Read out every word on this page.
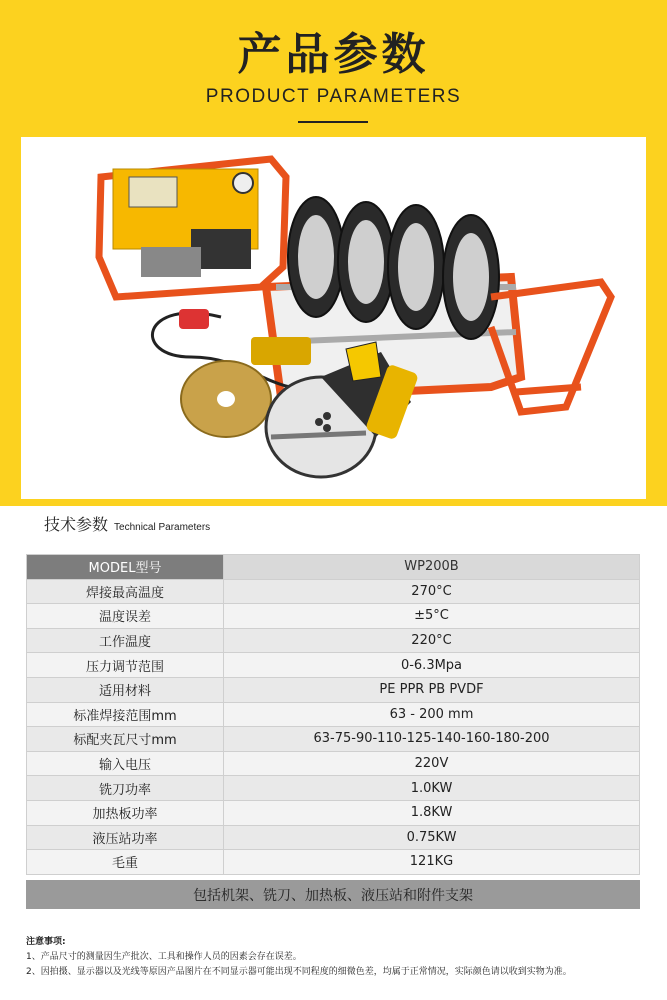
产品参数
PRODUCT PARAMETERS
技术参数 Technical Parameters
MODEL型号	WP200B
焊接最高温度	270°C
温度误差	±5°C
工作温度	220°C
压力调节范围	0-6.3Mpa
适用材料	PE PPR PB PVDF
标准焊接范围mm	63 - 200 mm
标配夹瓦尺寸mm	63-75-90-110-125-140-160-180-200
输入电压	220V
铣刀功率	1.0KW
加热板功率	1.8KW
液压站功率	0.75KW
毛重	121KG
包括机架、铣刀、加热板、液压站和附件支架
注意事项:
1、产品尺寸的测量因生产批次、工具和操作人员的因素会存在误差。
2、因拍摄、显示器以及光线等原因产品图片在不同显示器可能出现不同程度的细微色差，均属于正常情况，实际颜色请以收到实物为准。
